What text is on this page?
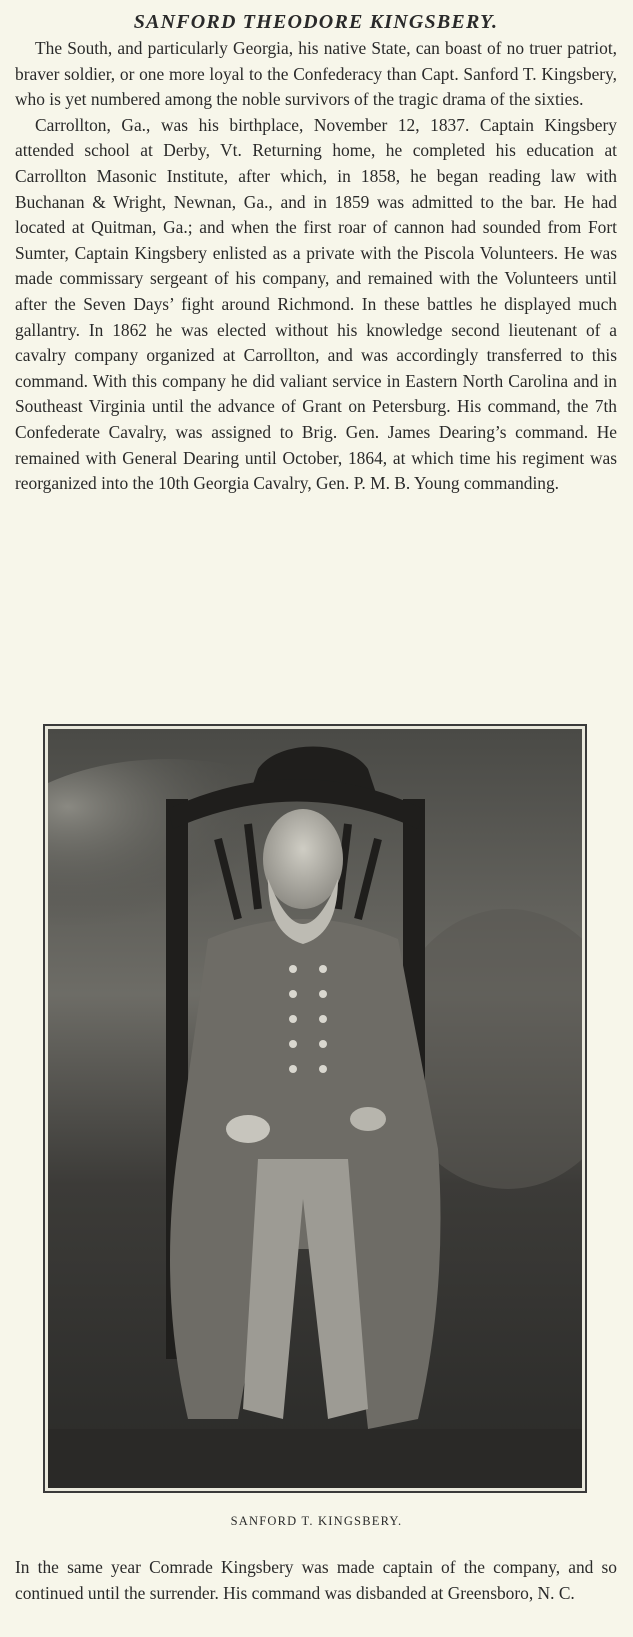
SANFORD THEODORE KINGSBERY.

The South, and particularly Georgia, his native State, can boast of no truer patriot, braver soldier, or one more loyal to the Confederacy than Capt. Sanford T. Kingsbery, who is yet numbered among the noble survivors of the tragic drama of the sixties.

Carrollton, Ga., was his birthplace, November 12, 1837. Captain Kingsbery attended school at Derby, Vt. Returning home, he completed his education at Carrollton Masonic Institute, after which, in 1858, he began reading law with Buchanan & Wright, Newnan, Ga., and in 1859 was admitted to the bar. He had located at Quitman, Ga.; and when the first roar of cannon had sounded from Fort Sumter, Captain Kingsbery enlisted as a private with the Piscola Volunteers. He was made commissary sergeant of his company, and remained with the Volunteers until after the Seven Days’ fight around Richmond. In these battles he displayed much gallantry. In 1862 he was elected without his knowledge second lieutenant of a cavalry company organized at Carrollton, and was accordingly transferred to this command. With this company he did valiant service in Eastern North Carolina and in Southeast Virginia until the advance of Grant on Petersburg. His command, the 7th Confederate Cavalry, was assigned to Brig. Gen. James Dearing’s command. He remained with General Dearing until October, 1864, at which time his regiment was reorganized into the 10th Georgia Cavalry, Gen. P. M. B. Young commanding.

SANFORD T. KINGSBERY.

In the same year Comrade Kingsbery was made captain of the company, and so continued until the surrender. His command was disbanded at Greensboro, N. C.
